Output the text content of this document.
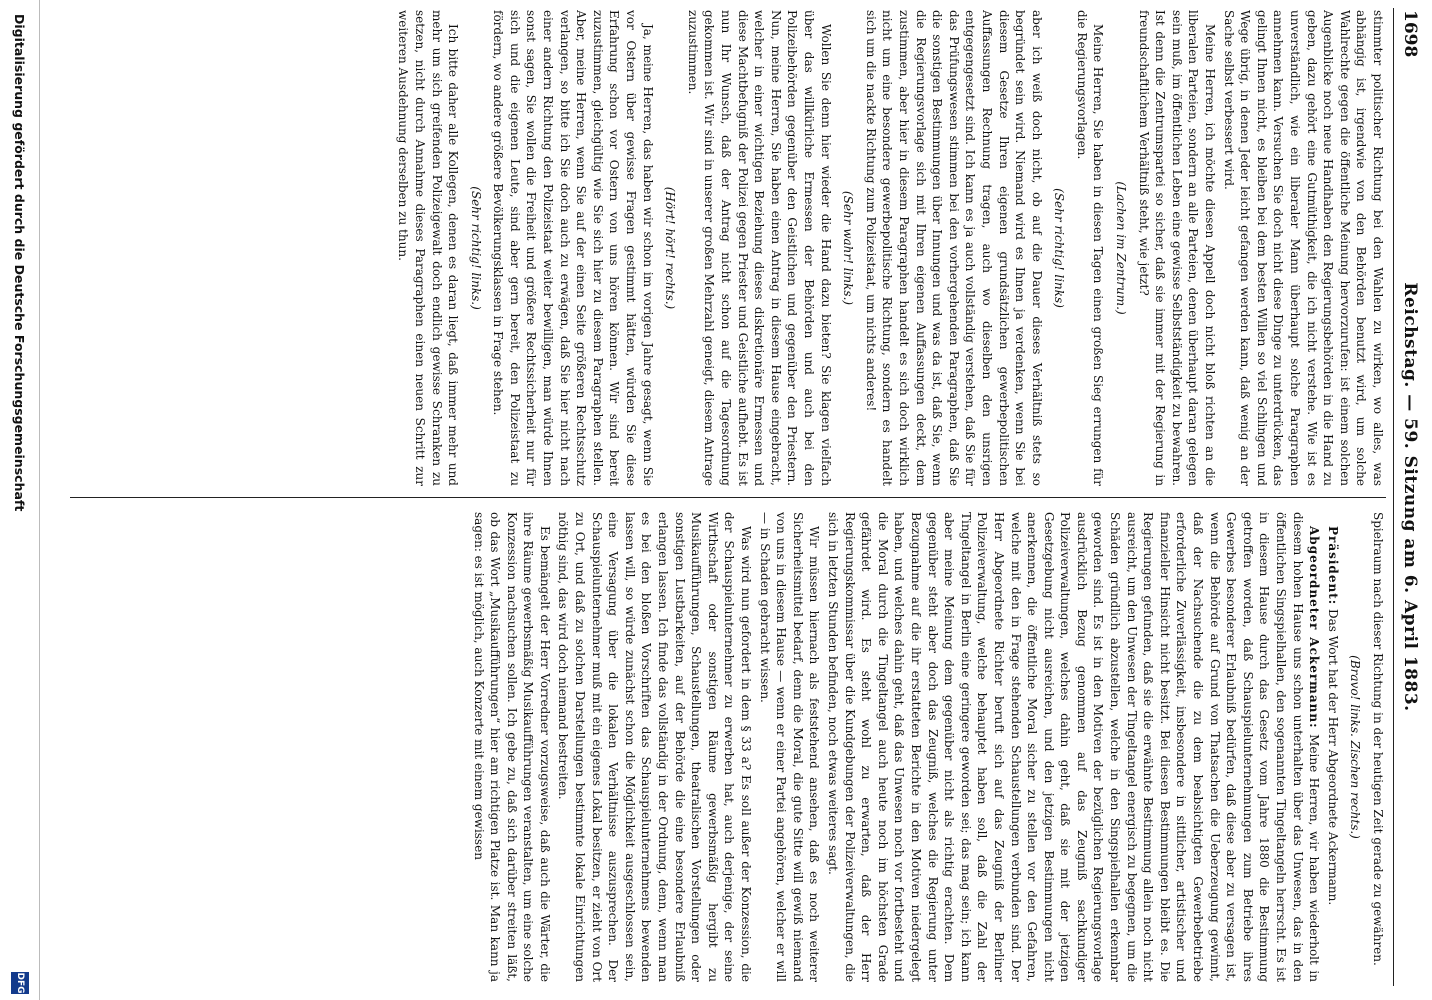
1698
Reichstag. — 59. Sitzung am 6. April 1883.

stimmter politischer Richtung bei den Wahlen zu wirken, wo alles, was abhängig ist, irgendwie von den Behörden benutzt wird, um solche Wahlrechte gegen die öffentliche Meinung hervorzurufen: ist einem solchen Augenblicke noch neue Handhaben den Regierungsbehörden in die Hand zu geben, dazu gehört eine Gutmüthigkeit, die ich nicht verstehe. Wie ist es unverständlich, wie ein liberaler Mann überhaupt solche Paragraphen annehmen kann. Versuchen Sie doch nicht diese Dinge zu unterdrücken, das gelingt Ihnen nicht, es bleiben bei dem besten Willen so viel Schlingen und Wege übrig, in denen Jeder leicht gefangen werden kann, daß wenig an der Sache selbst verbessert wird.

Meine Herren, ich möchte diesen Appell doch nicht bloß richten an die liberalen Parteien, sondern an alle Parteien, denen überhaupt daran gelegen sein muß, im öffentlichen Leben eine gewisse Selbstständigkeit zu bewahren. Ist denn die Zentrumspartei so sicher, daß sie immer mit der Regierung in freundschaftlichem Verhältniß steht, wie jetzt?

(Lachen im Zentrum.)

Meine Herren, Sie haben in diesen Tagen einen großen Sieg errungen für die Regierungsvorlagen.

(Sehr richtig! links)

aber ich weiß doch nicht, ob auf die Dauer dieses Verhältniß stets so begründet sein wird. Niemand wird es Ihnen ja verdenken, wenn Sie bei diesem Gesetze Ihren eigenen grundsätzlichen gewerbepolitischen Auffassungen Rechnung tragen, auch wo dieselben den unsrigen entgegengesetzt sind. Ich kann es ja auch vollständig verstehen, daß Sie für das Prüfungswesen stimmen bei den vorhergehenden Paragraphen, daß Sie die sonstigen Bestimmungen über Innungen und was da ist, daß Sie, wenn die Regierungsvorlage sich mit Ihren eigenen Auffassungen deckt, dem zustimmen, aber hier in diesem Paragraphen handelt es sich doch wirklich nicht um eine besondere gewerbepolitische Richtung, sondern es handelt sich um die nackte Richtung zum Polizeistaat, um nichts anderes!

(Sehr wahr! links.)

Wollen Sie denn hier wieder die Hand dazu bieten? Sie klagen vielfach über das willkürliche Ermessen der Behörden und auch bei den Polizeibehörden gegenüber den Geistlichen und gegenüber den Priestern. Nun, meine Herren, Sie haben einen Antrag in diesem Hause eingebracht, welcher in einer wichtigen Beziehung dieses diskretionäre Ermessen und diese Machtbefugniß der Polizei gegen Priester und Geistliche aufhebt. Es ist nun Ihr Wunsch, daß der Antrag nicht schon auf die Tagesordnung gekommen ist. Wir sind in unserer großen Mehrzahl geneigt, diesem Antrage zuzustimmen.

(Hört! hört! rechts.)

Ja, meine Herren, das haben wir schon im vorigen Jahre gesagt, wenn Sie vor Ostern über gewisse Fragen gestimmt hätten, würden Sie diese Erfahrung schon vor Ostern von uns hören können. Wir sind bereit zuzustimmen, gleichgültig wie Sie sich hier zu diesem Paragraphen stellen. Aber, meine Herren, wenn Sie auf der einen Seite größeren Rechtsschutz verlangen, so bitte ich Sie doch auch zu erwägen, daß Sie hier nicht nach einer andern Richtung den Polizeistaat weiter bewilligen, man würde Ihnen sonst sagen, Sie wollen die Freiheit und größere Rechtssicherheit nur für sich und die eigenen Leute, sind aber gern bereit, den Polizeistaat zu fördern, wo andere größere Bevölkerungsklassen in Frage stehen.

(Sehr richtig! links.)

Ich bitte daher alle Kollegen, denen es daran liegt, daß immer mehr und mehr um sich greifenden Polizeigewalt doch endlich gewisse Schranken zu setzen, nicht durch Annahme dieses Paragraphen einen neuen Schritt zur weiteren Ausdehnung derselben zu thun.

Spielraum nach dieser Richtung in der heutigen Zeit gerade zu gewähren.

(Bravo! links. Zischen rechts.)

Präsident: Das Wort hat der Herr Abgeordnete Ackermann.

Abgeordneter Ackermann: Meine Herren, wir haben wiederholt in diesem hohen Hause uns schon unterhalten über das Unwesen, das in den öffentlichen Singspielhallen, den sogenannten Tingeltangeln herrscht. Es ist in diesem Hause durch das Gesetz vom Jahre 1880 die Bestimmung getroffen worden, daß Schauspielunternehmungen zum Betriebe ihres Gewerbes besonderer Erlaubniß bedürfen, daß diese aber zu versagen ist, wenn die Behörde auf Grund von Thatsachen die Ueberzeugung gewinnt, daß der Nachsuchende die zu dem beabsichtigten Gewerbebetriebe erforderliche Zuverlässigkeit, insbesondere in sittlicher, artistischer und finanzieller Hinsicht nicht besitzt. Bei diesen Bestimmungen bleibt es. Die Regierungen gefunden, daß sie die erwähnte Bestimmung allein noch nicht ausreicht, um den Unwesen der Tingeltangel energisch zu begegnen, um die Schäden gründlich abzustellen, welche in den Singspielhallen erkennbar geworden sind. Es ist in den Motiven der bezüglichen Regierungsvorlage ausdrücklich Bezug genommen auf das Zeugniß sachkundiger Polizeiverwaltungen, welches dahin geht, daß sie mit der jetzigen Gesetzgebung nicht ausreichen, und den jetzigen Bestimmungen nicht anerkennen, die öffentliche Moral sicher zu stellen vor den Gefahren, welche mit den in Frage stehenden Schaustellungen verbunden sind. Der Herr Abgeordnete Richter beruft sich auf das Zeugniß der Berliner Polizeiverwaltung, welche behauptet haben soll, daß die Zahl der Tingeltangel in Berlin eine geringere geworden sei; das mag sein; ich kann aber meine Meinung dem gegenüber nicht als richtig erachten. Dem gegenüber steht aber doch das Zeugniß, welches die Regierung unter Bezugnahme auf die ihr erstatteten Berichte in den Motiven niedergelegt haben, und welches dahin geht, daß das Unwesen noch vor fortbesteht und die Moral durch die Tingeltangel auch heute noch im höchsten Grade gefährdet wird. Es steht wohl zu erwarten, daß der Herr Regierungskommissar über die Kundgebungen der Polizeiverwaltungen, die sich in letzten Stunden befinden, noch etwas weiteres sagt.

Wir müssen hiernach als feststehend ansehen, daß es noch weiterer Sicherheitsmittel bedarf, denn die Moral, die gute Sitte will gewiß niemand von uns in diesem Hause — wenn er einer Partei angehören, welcher er will — in Schaden gebracht wissen.

Was wird nun gefordert in dem § 33 a? Es soll außer der Konzession, die der Schauspielunternehmer zu erwerben hat, auch derjenige, der seine Wirthschaft oder sonstigen Räume gewerbsmäßig hergibt zu Musikaufführungen, Schaustellungen, theatralischen Vorstellungen oder sonstigen Lustbarkeiten, auf der Behörde die eine besondere Erlaubniß erlangen lassen. Ich finde das vollständig in der Ordnung, denn, wenn man es bei den bloßen Vorschriften das Schauspielunternehmens bewenden lassen will, so würde zunächst schon die Möglichkeit ausgeschlossen sein, eine Versagung über die lokalen Verhältnisse auszusprechen. Der Schauspielunternehmer muß mit ein eigenes Lokal besitzen, er zieht von Ort zu Ort, und daß zu solchen Darstellungen bestimmte lokale Einrichtungen nöthig sind, das wird doch niemand bestreiten.

Es bemängelt der Herr Vorredner vorzugsweise, daß auch die Wärter, die ihre Räume gewerbsmäßig Musikaufführungen veranstalten, um eine solche Konzession nachsuchen sollen. Ich gebe zu, daß sich darüber streiten läßt, ob das Wort „Musikaufführungen“ hier am richtigen Platze ist. Man kann ja sagen: es ist möglich, auch Konzerte mit einem gewissen

Digitalisierung gefördert durch die Deutsche Forschungsgemeinschaft
DFG
